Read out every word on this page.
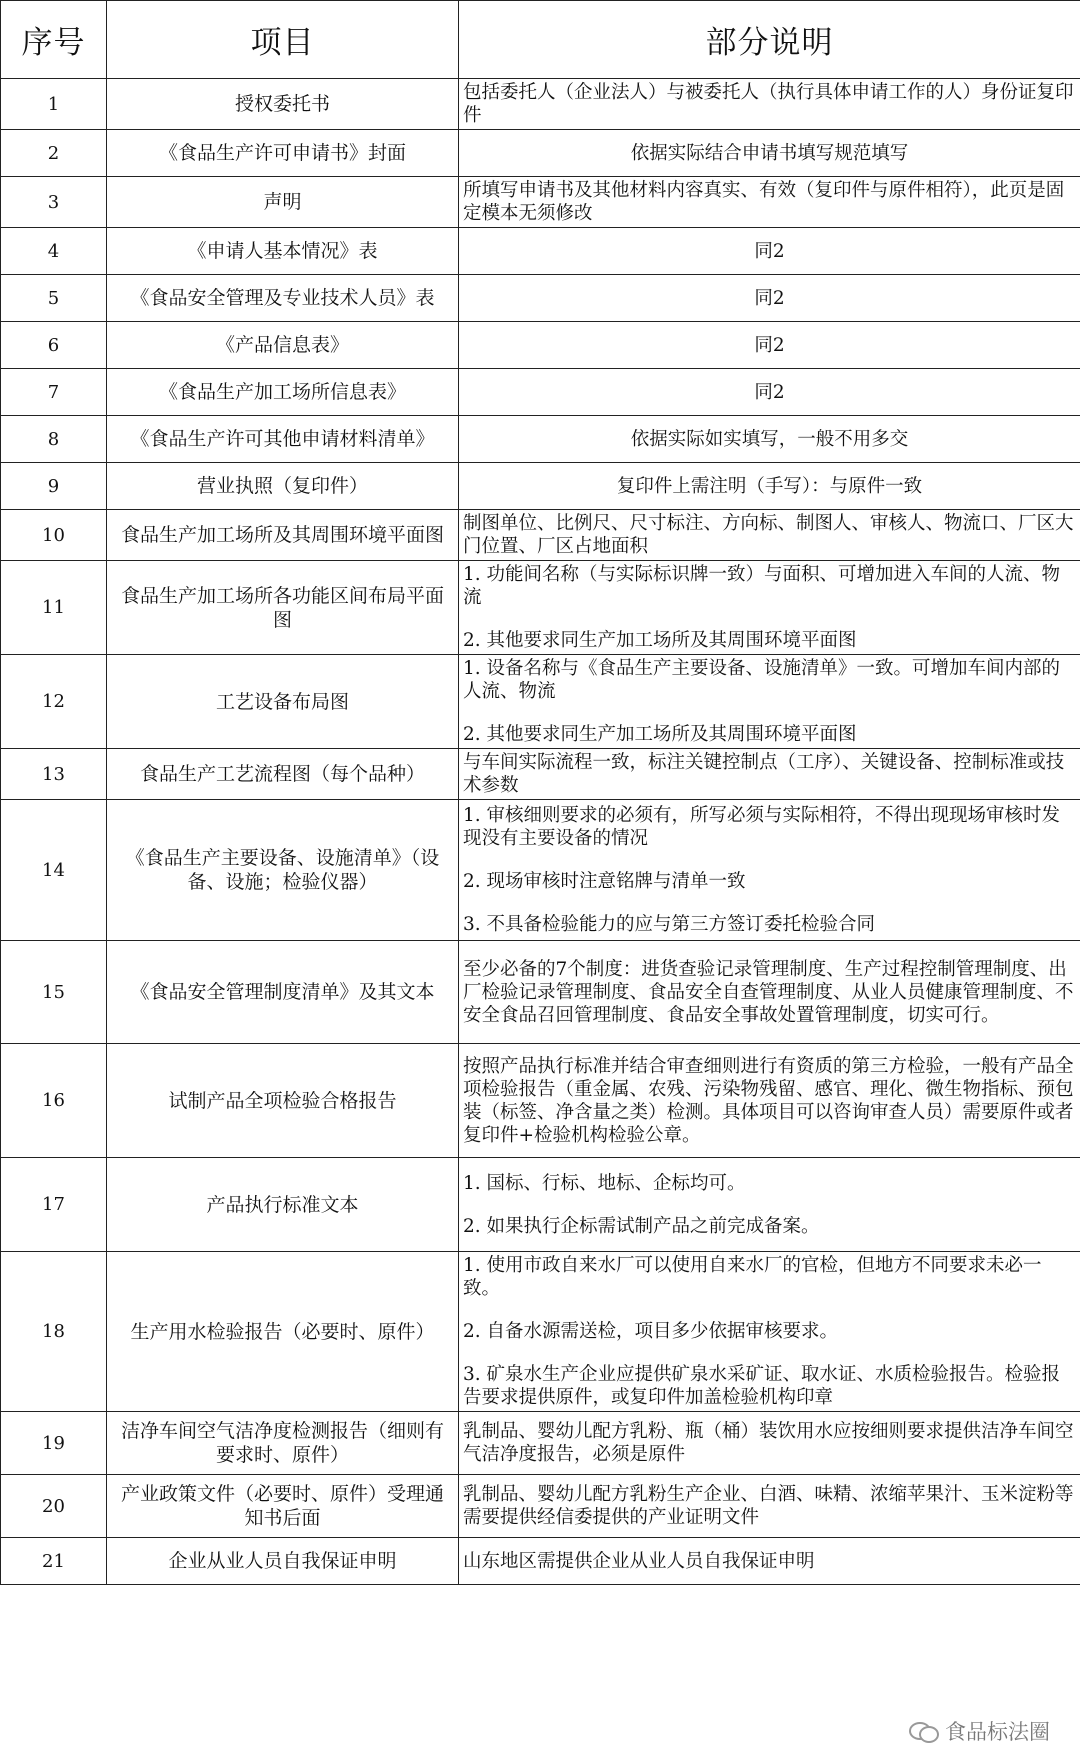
序号	项目	部分说明
1	授权委托书	包括委托人（企业法人）与被委托人（执行具体申请工作的人）身份证复印件

2	《食品生产许可申请书》封面	依据实际结合申请书填写规范填写

3	声明	所填写申请书及其他材料内容真实、有效（复印件与原件相符），此页是固定模本无须修改

4	《申请人基本情况》表	同2

5	《食品安全管理及专业技术人员》表	同2

6	《产品信息表》	同2

7	《食品生产加工场所信息表》	同2

8	《食品生产许可其他申请材料清单》	依据实际如实填写，一般不用多交

9	营业执照（复印件）	复印件上需注明（手写）：与原件一致

10	食品生产加工场所及其周围环境平面图	制图单位、比例尺、尺寸标注、方向标、制图人、审核人、物流口、厂区大门位置、厂区占地面积

11	食品生产加工场所各功能区间布局平面图	1. 功能间名称（与实际标识牌一致）与面积、可增加进入车间的人流、物流
2. 其他要求同生产加工场所及其周围环境平面图

12	工艺设备布局图	1. 设备名称与《食品生产主要设备、设施清单》一致。可增加车间内部的人流、物流
2. 其他要求同生产加工场所及其周围环境平面图

13	食品生产工艺流程图（每个品种）	与车间实际流程一致，标注关键控制点（工序）、关键设备、控制标准或技术参数

14	《食品生产主要设备、设施清单》（设备、设施；检验仪器）	1. 审核细则要求的必须有，所写必须与实际相符，不得出现现场审核时发现没有主要设备的情况
2. 现场审核时注意铭牌与清单一致
3. 不具备检验能力的应与第三方签订委托检验合同

15	《食品安全管理制度清单》及其文本	至少必备的7个制度：进货查验记录管理制度、生产过程控制管理制度、出厂检验记录管理制度、食品安全自查管理制度、从业人员健康管理制度、不安全食品召回管理制度、食品安全事故处置管理制度，切实可行。

16	试制产品全项检验合格报告	按照产品执行标准并结合审查细则进行有资质的第三方检验，一般有产品全项检验报告（重金属、农残、污染物残留、感官、理化、微生物指标、预包装（标签、净含量之类）检测。具体项目可以咨询审查人员）需要原件或者复印件+检验机构检验公章。

17	产品执行标准文本	1. 国标、行标、地标、企标均可。
2. 如果执行企标需试制产品之前完成备案。

18	生产用水检验报告（必要时、原件）	1. 使用市政自来水厂可以使用自来水厂的官检，但地方不同要求未必一致。
2. 自备水源需送检，项目多少依据审核要求。
3. 矿泉水生产企业应提供矿泉水采矿证、取水证、水质检验报告。检验报告要求提供原件，或复印件加盖检验机构印章

19	洁净车间空气洁净度检测报告（细则有要求时、原件）	乳制品、婴幼儿配方乳粉、瓶（桶）装饮用水应按细则要求提供洁净车间空气洁净度报告，必须是原件

20	产业政策文件（必要时、原件）受理通知书后面	乳制品、婴幼儿配方乳粉生产企业、白酒、味精、浓缩苹果汁、玉米淀粉等需要提供经信委提供的产业证明文件

21	企业从业人员自我保证申明	山东地区需提供企业从业人员自我保证申明
食品标法圈
